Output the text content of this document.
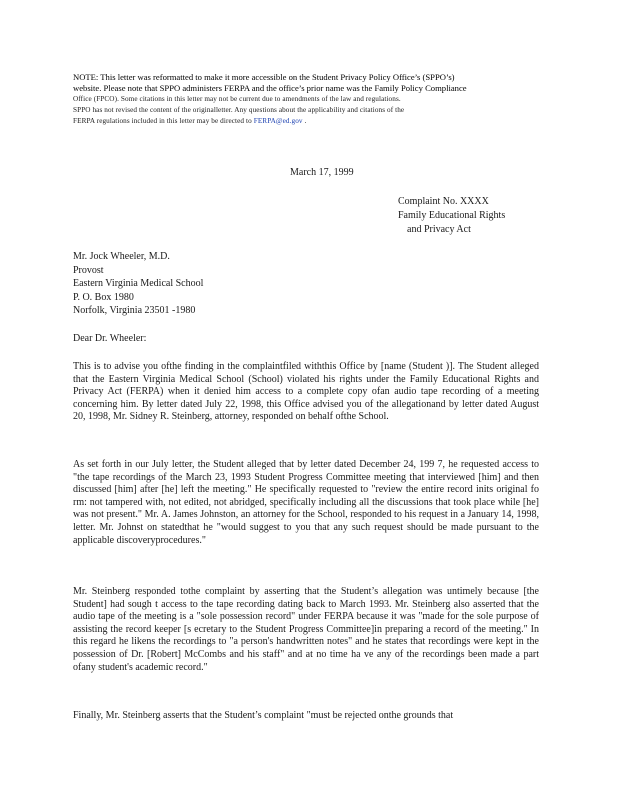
NOTE: This letter was reformatted to make it more accessible on the Student Privacy Policy Office’s (SPPO’s)
website. Please note that SPPO administers FERPA and the office’s prior name was the Family Policy Compliance
Office (FPCO). Some citations in this letter may not be current due to amendments of the law and regulations.
SPPO has not revised the content of the originalletter. Any questions about the applicability and citations of the
FERPA regulations included in this letter may be directed to FERPA@ed.gov .
March 17, 1999
Complaint No. XXXX
Family Educational Rights
and Privacy Act
Mr. Jock Wheeler, M.D.
Provost
Eastern Virginia Medical School
P. O. Box 1980
Norfolk, Virginia 23501 -1980
Dear Dr. Wheeler:
This is to advise you ofthe finding in the complaintfiled withthis Office by [name (Student )]. The Student alleged that the Eastern Virginia Medical School (School) violated his rights under the Family Educational Rights and Privacy Act (FERPA) when it denied him access to a complete copy ofan audio tape recording of a meeting concerning him. By letter dated July 22, 1998, this Office advised you of the allegationand by letter dated August 20, 1998, Mr. Sidney R. Steinberg, attorney, responded on behalf ofthe School.
As set forth in our July letter, the Student alleged that by letter dated December 24, 199 7, he requested access to "the tape recordings of the March 23, 1993 Student Progress Committee meeting that interviewed [him] and then discussed [him] after [he] left the meeting." He specifically requested to "review the entire record inits original fo rm: not tampered with, not edited, not abridged, specifically including all the discussions that took place while [he] was not present." Mr. A. James Johnston, an attorney for the School, responded to his request in a January 14, 1998, letter. Mr. Johnst on statedthat he "would suggest to you that any such request should be made pursuant to the applicable discoveryprocedures."
Mr. Steinberg responded tothe complaint by asserting that the Student’s allegation was untimely because [the Student] had sough t access to the tape recording dating back to March 1993. Mr. Steinberg also asserted that the audio tape of the meeting is a "sole possession record" under FERPA because it was "made for the sole purpose of assisting the record keeper [s ecretary to the Student Progress Committee]in preparing a record of the meeting." In this regard he likens the recordings to "a person's handwritten notes" and he states that recordings were kept in the possession of Dr. [Robert] McCombs and his staff" and at no time ha ve any of the recordings been made a part ofany student's academic record."
Finally, Mr. Steinberg asserts that the Student’s complaint "must be rejected onthe grounds that
